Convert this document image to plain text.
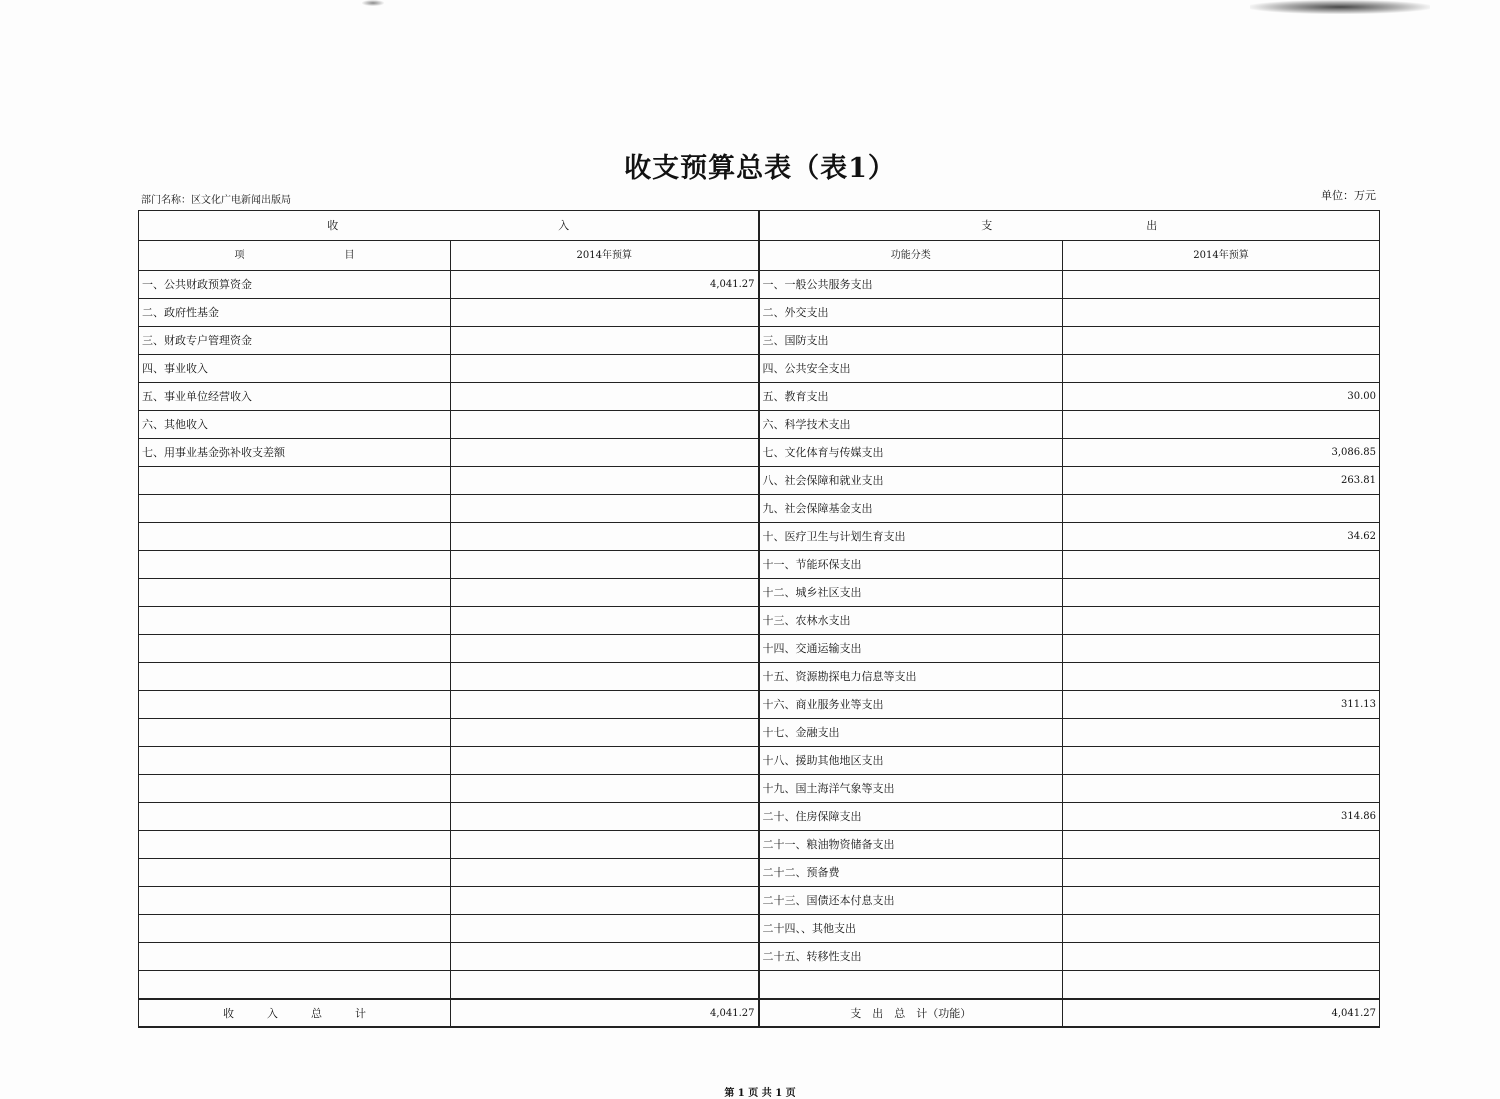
收支预算总表（表1）
部门名称：区文化广电新闻出版局	单位：万元
收　　　　　　　　　　　　　　　　　　　　入		支　　　　　　　　　　　　　　出	
项　　　　　　　　　　目	2014年预算	功能分类	2014年预算
一、公共财政预算资金	4,041.27	一、一般公共服务支出	
二、政府性基金		二、外交支出	
三、财政专户管理资金		三、国防支出	
四、事业收入		四、公共安全支出	
五、事业单位经营收入		五、教育支出	30.00
六、其他收入		六、科学技术支出	
七、用事业基金弥补收支差额		七、文化体育与传媒支出	3,086.85
		八、社会保障和就业支出	263.81
		九、社会保障基金支出	
		十、医疗卫生与计划生育支出	34.62
		十一、节能环保支出	
		十二、城乡社区支出	
		十三、农林水支出	
		十四、交通运输支出	
		十五、资源勘探电力信息等支出	
		十六、商业服务业等支出	311.13
		十七、金融支出	
		十八、援助其他地区支出	
		十九、国土海洋气象等支出	
		二十、住房保障支出	314.86
		二十一、粮油物资储备支出	
		二十二、预备费	
		二十三、国债还本付息支出	
		二十四、、其他支出	
		二十五、转移性支出	

收　　　入　　　总　　　计	4,041.27	支　出　总　计（功能）	4,041.27
第 1 页 共 1 页
